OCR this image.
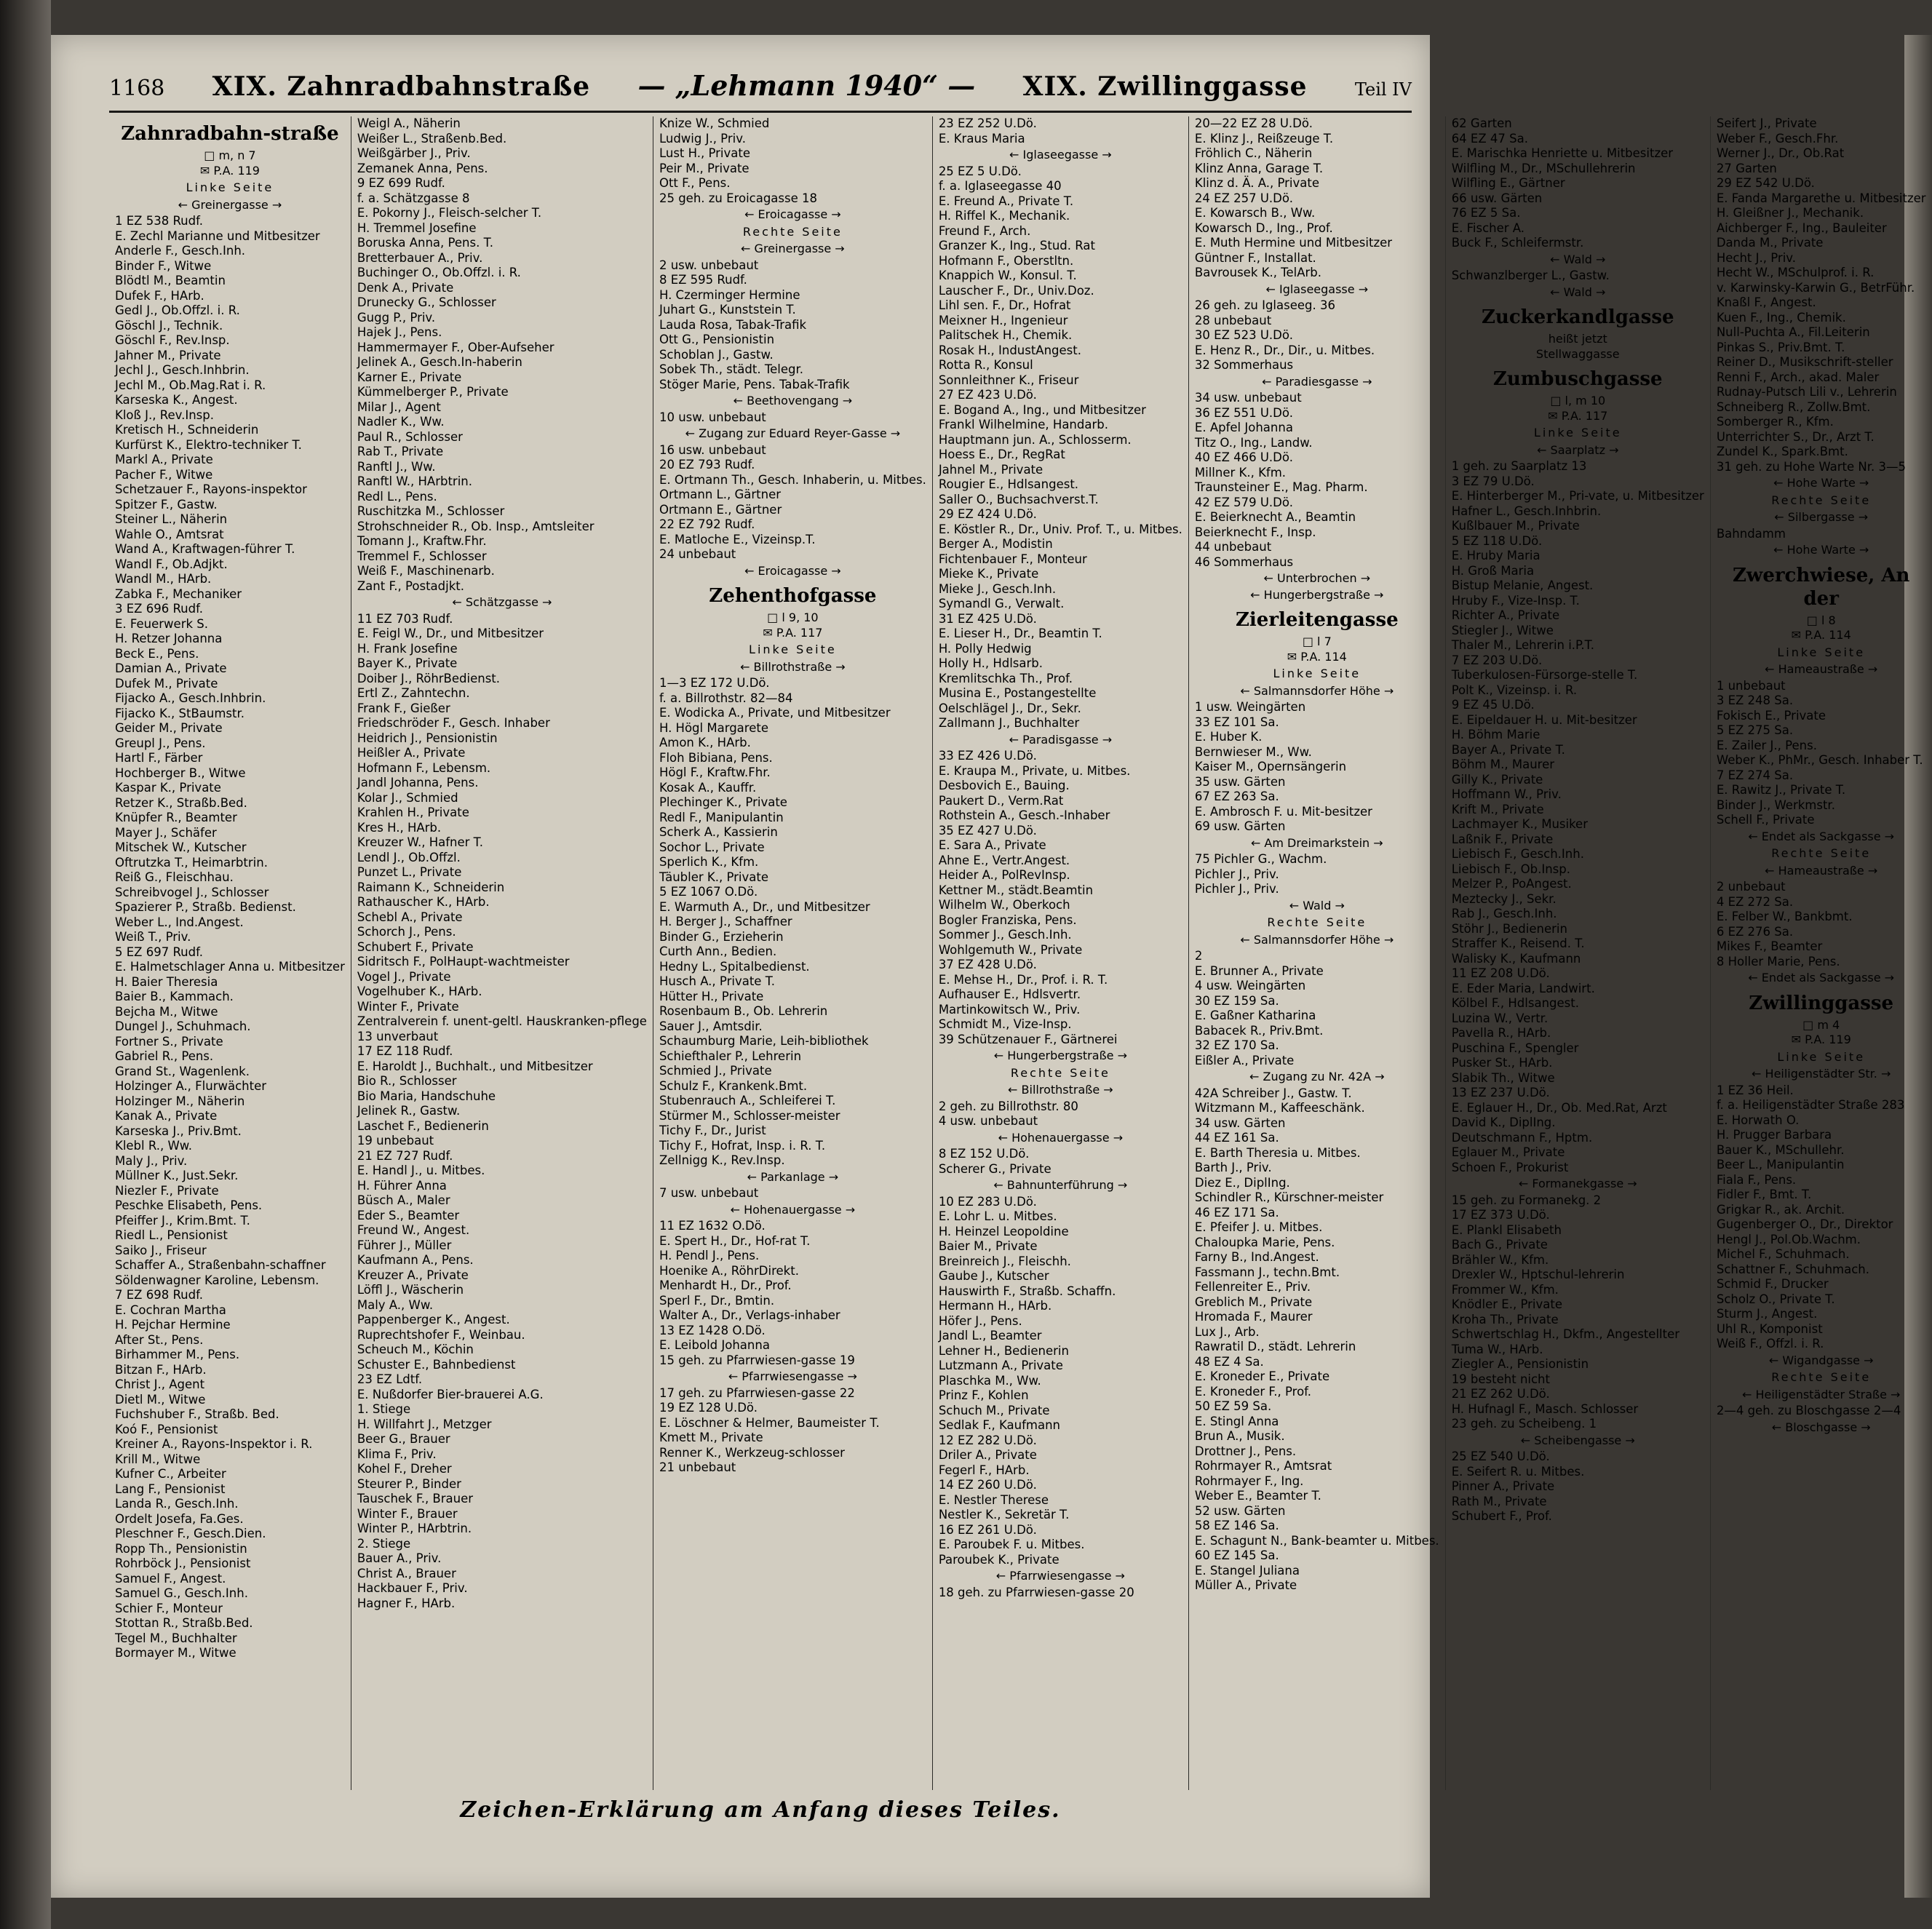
1168 XIX. Zahnradbahnstraße — „Lehmann 1940“ — XIX. Zwillinggasse	Teil IV
Zahnradbahn-straße
□ m, n 7
✉ P.A. 119
Linke Seite
← Greinergasse →
1 EZ 538 Rudf.
E. Zechl Marianne und Mitbesitzer
Anderle F., Gesch.Inh.
Binder F., Witwe
Blödtl M., Beamtin
Dufek F., HArb.
Gedl J., Ob.Offzl. i. R.
Göschl J., Technik.
Göschl F., Rev.Insp.
Jahner M., Private
Jechl J., Gesch.Inhbrin.
Jechl M., Ob.Mag.Rat i. R.
Karseska K., Angest.
Kloß J., Rev.Insp.
Kretisch H., Schneiderin
Kurfürst K., Elektro-techniker T.
Markl A., Private
Pacher F., Witwe
Schetzauer F., Rayons-inspektor
Spitzer F., Gastw.
Steiner L., Näherin
Wahle O., Amtsrat
Wand A., Kraftwagen-führer T.
Wandl F., Ob.Adjkt.
Wandl M., HArb.
Zabka F., Mechaniker
3 EZ 696 Rudf.
E. Feuerwerk S.
H. Retzer Johanna
Beck E., Pens.
Damian A., Private
Dufek M., Private
Fijacko A., Gesch.Inhbrin.
Fijacko K., StBaumstr.
Geider M., Private
Greupl J., Pens.
Hartl F., Färber
Hochberger B., Witwe
Kaspar K., Private
Retzer K., Straßb.Bed.
Knüpfer R., Beamter
Mayer J., Schäfer
Mitschek W., Kutscher
Oftrutzka T., Heimarbtrin.
Reiß G., Fleischhau.
Schreibvogel J., Schlosser
Spazierer P., Straßb. Bedienst.
Weber L., Ind.Angest.
Weiß T., Priv.
5 EZ 697 Rudf.
E. Halmetschlager Anna u. Mitbesitzer
H. Baier Theresia
Baier B., Kammach.
Bejcha M., Witwe
Dungel J., Schuhmach.
Fortner S., Private
Gabriel R., Pens.
Grand St., Wagenlenk.
Holzinger A., Flurwächter
Holzinger M., Näherin
Kanak A., Private
Karseska J., Priv.Bmt.
Klebl R., Ww.
Maly J., Priv.
Müllner K., Just.Sekr.
Niezler F., Private
Peschke Elisabeth, Pens.
Pfeiffer J., Krim.Bmt. T.
Riedl L., Pensionist
Saiko J., Friseur
Schaffer A., Straßenbahn-schaffner
Söldenwagner Karoline, Lebensm.
7 EZ 698 Rudf.
E. Cochran Martha
H. Pejchar Hermine
After St., Pens.
Birhammer M., Pens.
Bitzan F., HArb.
Christ J., Agent
Dietl M., Witwe
Fuchshuber F., Straßb. Bed.
Koó F., Pensionist
Kreiner A., Rayons-Inspektor i. R.
Krill M., Witwe
Kufner C., Arbeiter
Lang F., Pensionist
Landa R., Gesch.Inh.
Ordelt Josefa, Fa.Ges.
Pleschner F., Gesch.Dien.
Ropp Th., Pensionistin
Rohrböck J., Pensionist
Samuel F., Angest.
Samuel G., Gesch.Inh.
Schier F., Monteur
Stottan R., Straßb.Bed.
Tegel M., Buchhalter
Bormayer M., Witwe
Weigl A., Näherin
Weißer L., Straßenb.Bed.
Weißgärber J., Priv.
Zemanek Anna, Pens.
9 EZ 699 Rudf.
f. a. Schätzgasse 8
E. Pokorny J., Fleisch-selcher T.
H. Tremmel Josefine
Boruska Anna, Pens. T.
Bretterbauer A., Priv.
Buchinger O., Ob.Offzl. i. R.
Denk A., Private
Drunecky G., Schlosser
Gugg P., Priv.
Hajek J., Pens.
Hammermayer F., Ober-Aufseher
Jelinek A., Gesch.In-haberin
Karner E., Private
Kümmelberger P., Private
Milar J., Agent
Nadler K., Ww.
Paul R., Schlosser
Rab T., Private
Ranftl J., Ww.
Ranftl W., HArbtrin.
Redl L., Pens.
Ruschitzka M., Schlosser
Strohschneider R., Ob. Insp., Amtsleiter
Tomann J., Kraftw.Fhr.
Tremmel F., Schlosser
Weiß F., Maschinenarb.
Zant F., Postadjkt.
← Schätzgasse →
11 EZ 703 Rudf.
E. Feigl W., Dr., und Mitbesitzer
H. Frank Josefine
Bayer K., Private
Doiber J., RöhrBedienst.
Ertl Z., Zahntechn.
Frank F., Gießer
Friedschröder F., Gesch. Inhaber
Heidrich J., Pensionistin
Heißler A., Private
Hofmann F., Lebensm.
Jandl Johanna, Pens.
Kolar J., Schmied
Krahlen H., Private
Kres H., HArb.
Kreuzer W., Hafner T.
Lendl J., Ob.Offzl.
Punzet L., Private
Raimann K., Schneiderin
Rathauscher K., HArb.
Schebl A., Private
Schorch J., Pens.
Schubert F., Private
Sidritsch F., PolHaupt-wachtmeister
Vogel J., Private
Vogelhuber K., HArb.
Winter F., Private
Zentralverein f. unent-geltl. Hauskranken-pflege
13 unverbaut
17 EZ 118 Rudf.
E. Haroldt J., Buchhalt., und Mitbesitzer
Bio R., Schlosser
Bio Maria, Handschuhe
Jelinek R., Gastw.
Laschet F., Bedienerin
19 unbebaut
21 EZ 727 Rudf.
E. Handl J., u. Mitbes.
H. Führer Anna
Büsch A., Maler
Eder S., Beamter
Freund W., Angest.
Führer J., Müller
Kaufmann A., Pens.
Kreuzer A., Private
Löffl J., Wäscherin
Maly A., Ww.
Pappenberger K., Angest.
Ruprechtshofer F., Weinbau.
Scheuch M., Köchin
Schuster E., Bahnbedienst
23 EZ Ldtf.
E. Nußdorfer Bier-brauerei A.G.
1. Stiege
H. Willfahrt J., Metzger
Beer G., Brauer
Klima F., Priv.
Kohel F., Dreher
Steurer P., Binder
Tauschek F., Brauer
Winter F., Brauer
Winter P., HArbtrin.
2. Stiege
Bauer A., Priv.
Christ A., Brauer
Hackbauer F., Priv.
Hagner F., HArb.
Knize W., Schmied
Ludwig J., Priv.
Lust H., Private
Peir M., Private
Ott F., Pens.
25 geh. zu Eroicagasse 18
← Eroicagasse →
Rechte Seite
← Greinergasse →
2 usw. unbebaut
8 EZ 595 Rudf.
H. Czerminger Hermine
Juhart G., Kunststein T.
Lauda Rosa, Tabak-Trafik
Ott G., Pensionistin
Schoblan J., Gastw.
Sobek Th., städt. Telegr.
Stöger Marie, Pens. Tabak-Trafik
← Beethovengang →
10 usw. unbebaut
← Zugang zur Eduard Reyer-Gasse →
16 usw. unbebaut
20 EZ 793 Rudf.
E. Ortmann Th., Gesch. Inhaberin, u. Mitbes.
Ortmann L., Gärtner
Ortmann E., Gärtner
22 EZ 792 Rudf.
E. Matloche E., Vizeinsp.T.
24 unbebaut
← Eroicagasse →
Zehenthofgasse
□ l 9, 10
✉ P.A. 117
Linke Seite
← Billrothstraße →
1—3 EZ 172 U.Dö.
f. a. Billrothstr. 82—84
E. Wodicka A., Private, und Mitbesitzer
H. Högl Margarete
Amon K., HArb.
Floh Bibiana, Pens.
Högl F., Kraftw.Fhr.
Kosak A., Kauffr.
Plechinger K., Private
Redl F., Manipulantin
Scherk A., Kassierin
Sochor L., Private
Sperlich K., Kfm.
Täubler K., Private
5 EZ 1067 O.Dö.
E. Warmuth A., Dr., und Mitbesitzer
H. Berger J., Schaffner
Binder G., Erzieherin
Curth Ann., Bedien.
Hedny L., Spitalbedienst.
Husch A., Private T.
Hütter H., Private
Rosenbaum B., Ob. Lehrerin
Sauer J., Amtsdir.
Schaumburg Marie, Leih-bibliothek
Schiefthaler P., Lehrerin
Schmied J., Private
Schulz F., Krankenk.Bmt.
Stubenrauch A., Schleiferei T.
Stürmer M., Schlosser-meister
Tichy F., Dr., Jurist
Tichy F., Hofrat, Insp. i. R. T.
Zellnigg K., Rev.Insp.
← Parkanlage →
7 usw. unbebaut
← Hohenauergasse →
11 EZ 1632 O.Dö.
E. Spert H., Dr., Hof-rat T.
H. Pendl J., Pens.
Hoenike A., RöhrDirekt.
Menhardt H., Dr., Prof.
Sperl F., Dr., Bmtin.
Walter A., Dr., Verlags-inhaber
13 EZ 1428 O.Dö.
E. Leibold Johanna
15 geh. zu Pfarrwiesen-gasse 19
← Pfarrwiesengasse →
17 geh. zu Pfarrwiesen-gasse 22
19 EZ 128 U.Dö.
E. Löschner & Helmer, Baumeister T.
Kmett M., Private
Renner K., Werkzeug-schlosser
21 unbebaut
23 EZ 252 U.Dö.
E. Kraus Maria
← Iglaseegasse →
25 EZ 5 U.Dö.
f. a. Iglaseegasse 40
E. Freund A., Private T.
H. Riffel K., Mechanik.
Freund F., Arch.
Granzer K., Ing., Stud. Rat
Hofmann F., Oberstltn.
Knappich W., Konsul. T.
Lauscher F., Dr., Univ.Doz.
Lihl sen. F., Dr., Hofrat
Meixner H., Ingenieur
Palitschek H., Chemik.
Rosak H., IndustAngest.
Rotta R., Konsul
Sonnleithner K., Friseur
27 EZ 423 U.Dö.
E. Bogand A., Ing., und Mitbesitzer
Frankl Wilhelmine, Handarb.
Hauptmann jun. A., Schlosserm.
Hoess E., Dr., RegRat
Jahnel M., Private
Rougier E., Hdlsangest.
Saller O., Buchsachverst.T.
29 EZ 424 U.Dö.
E. Köstler R., Dr., Univ. Prof. T., u. Mitbes.
Berger A., Modistin
Fichtenbauer F., Monteur
Mieke K., Private
Mieke J., Gesch.Inh.
Symandl G., Verwalt.
31 EZ 425 U.Dö.
E. Lieser H., Dr., Beamtin T.
H. Polly Hedwig
Holly H., Hdlsarb.
Kremlitschka Th., Prof.
Musina E., Postangestellte
Oelschlägel J., Dr., Sekr.
Zallmann J., Buchhalter
← Paradisgasse →
33 EZ 426 U.Dö.
E. Kraupa M., Private, u. Mitbes.
Desbovich E., Bauing.
Paukert D., Verm.Rat
Rothstein A., Gesch.-Inhaber
35 EZ 427 U.Dö.
E. Sara A., Private
Ahne E., Vertr.Angest.
Heider A., PolRevInsp.
Kettner M., städt.Beamtin
Wilhelm W., Oberkoch
Bogler Franziska, Pens.
Sommer J., Gesch.Inh.
Wohlgemuth W., Private
37 EZ 428 U.Dö.
E. Mehse H., Dr., Prof. i. R. T.
Aufhauser E., Hdlsvertr.
Martinkowitsch W., Priv.
Schmidt M., Vize-Insp.
39 Schützenauer F., Gärtnerei
← Hungerbergstraße →
Rechte Seite
← Billrothstraße →
2 geh. zu Billrothstr. 80
4 usw. unbebaut
← Hohenauergasse →
8 EZ 152 U.Dö.
Scherer G., Private
← Bahnunterführung →
10 EZ 283 U.Dö.
E. Lohr L. u. Mitbes.
H. Heinzel Leopoldine
Baier M., Private
Breinreich J., Fleischh.
Gaube J., Kutscher
Hauswirth F., Straßb. Schaffn.
Hermann H., HArb.
Höfer J., Pens.
Jandl L., Beamter
Lehner H., Bedienerin
Lutzmann A., Private
Plaschka M., Ww.
Prinz F., Kohlen
Schuch M., Private
Sedlak F., Kaufmann
12 EZ 282 U.Dö.
Driler A., Private
Fegerl F., HArb.
14 EZ 260 U.Dö.
E. Nestler Therese
Nestler K., Sekretär T.
16 EZ 261 U.Dö.
E. Paroubek F. u. Mitbes.
Paroubek K., Private
← Pfarrwiesengasse →
18 geh. zu Pfarrwiesen-gasse 20
20—22 EZ 28 U.Dö.
E. Klinz J., Reißzeuge T.
Fröhlich C., Näherin
Klinz Anna, Garage T.
Klinz d. Ä. A., Private
24 EZ 257 U.Dö.
E. Kowarsch B., Ww.
Kowarsch D., Ing., Prof.
E. Muth Hermine und Mitbesitzer
Güntner F., Installat.
Bavrousek K., TelArb.
← Iglaseegasse →
26 geh. zu Iglaseeg. 36
28 unbebaut
30 EZ 523 U.Dö.
E. Henz R., Dr., Dir., u. Mitbes.
32 Sommerhaus
← Paradiesgasse →
34 usw. unbebaut
36 EZ 551 U.Dö.
E. Apfel Johanna
Titz O., Ing., Landw.
40 EZ 466 U.Dö.
Millner K., Kfm.
Traunsteiner E., Mag. Pharm.
42 EZ 579 U.Dö.
E. Beierknecht A., Beamtin
Beierknecht F., Insp.
44 unbebaut
46 Sommerhaus
← Unterbrochen →
← Hungerbergstraße →
Zierleitengasse
□ l 7
✉ P.A. 114
Linke Seite
← Salmannsdorfer Höhe →
1 usw. Weingärten
33 EZ 101 Sa.
E. Huber K.
Bernwieser M., Ww.
Kaiser M., Opernsängerin
35 usw. Gärten
67 EZ 263 Sa.
E. Ambrosch F. u. Mit-besitzer
69 usw. Gärten
← Am Dreimarkstein →
75 Pichler G., Wachm.
Pichler J., Priv.
Pichler J., Priv.
← Wald →
Rechte Seite
← Salmannsdorfer Höhe →
2
E. Brunner A., Private
4 usw. Weingärten
30 EZ 159 Sa.
E. Gaßner Katharina
Babacek R., Priv.Bmt.
32 EZ 170 Sa.
Eißler A., Private
← Zugang zu Nr. 42A →
42A Schreiber J., Gastw. T.
Witzmann M., Kaffeeschänk.
34 usw. Gärten
44 EZ 161 Sa.
E. Barth Theresia u. Mitbes.
Barth J., Priv.
Diez E., DiplIng.
Schindler R., Kürschner-meister
46 EZ 171 Sa.
E. Pfeifer J. u. Mitbes.
Chaloupka Marie, Pens.
Farny B., Ind.Angest.
Fassmann J., techn.Bmt.
Fellenreiter E., Priv.
Greblich M., Private
Hromada F., Maurer
Lux J., Arb.
Rawratil D., städt. Lehrerin
48 EZ 4 Sa.
E. Kroneder E., Private
E. Kroneder F., Prof.
50 EZ 59 Sa.
E. Stingl Anna
Brun A., Musik.
Drottner J., Pens.
Rohrmayer R., Amtsrat
Rohrmayer F., Ing.
Weber E., Beamter T.
52 usw. Gärten
58 EZ 146 Sa.
E. Schagunt N., Bank-beamter u. Mitbes.
60 EZ 145 Sa.
E. Stangel Juliana
Müller A., Private
62 Garten
64 EZ 47 Sa.
E. Marischka Henriette u. Mitbesitzer
Wilfling M., Dr., MSchullehrerin
Wilfling E., Gärtner
66 usw. Gärten
76 EZ 5 Sa.
E. Fischer A.
Buck F., Schleifermstr.
← Wald →
Schwanzlberger L., Gastw.
← Wald →
Zuckerkandlgasse
heißt jetzt
Stellwaggasse
Zumbuschgasse
□ l, m 10
✉ P.A. 117
Linke Seite
← Saarplatz →
1 geh. zu Saarplatz 13
3 EZ 79 U.Dö.
E. Hinterberger M., Pri-vate, u. Mitbesitzer
Hafner L., Gesch.Inhbrin.
Kußlbauer M., Private
5 EZ 118 U.Dö.
E. Hruby Maria
H. Groß Maria
Bistup Melanie, Angest.
Hruby F., Vize-Insp. T.
Richter A., Private
Stiegler J., Witwe
Thaler M., Lehrerin i.P.T.
7 EZ 203 U.Dö.
Tuberkulosen-Fürsorge-stelle T.
Polt K., Vizeinsp. i. R.
9 EZ 45 U.Dö.
E. Eipeldauer H. u. Mit-besitzer
H. Böhm Marie
Bayer A., Private T.
Böhm M., Maurer
Gilly K., Private
Hoffmann W., Priv.
Krift M., Private
Lachmayer K., Musiker
Laßnik F., Private
Liebisch F., Gesch.Inh.
Liebisch F., Ob.Insp.
Melzer P., PoAngest.
Meztecky J., Sekr.
Rab J., Gesch.Inh.
Stöhr J., Bedienerin
Straffer K., Reisend. T.
Walisky K., Kaufmann
11 EZ 208 U.Dö.
E. Eder Maria, Landwirt.
Kölbel F., Hdlsangest.
Luzina W., Vertr.
Pavella R., HArb.
Puschina F., Spengler
Pusker St., HArb.
Slabik Th., Witwe
13 EZ 237 U.Dö.
E. Eglauer H., Dr., Ob. Med.Rat, Arzt
David K., DiplIng.
Deutschmann F., Hptm.
Eglauer M., Private
Schoen F., Prokurist
← Formanekgasse →
15 geh. zu Formanekg. 2
17 EZ 373 U.Dö.
E. Plankl Elisabeth
Bach G., Private
Brähler W., Kfm.
Drexler W., Hptschul-lehrerin
Frommer W., Kfm.
Knödler E., Private
Kroha Th., Private
Schwertschlag H., Dkfm., Angestellter
Tuma W., HArb.
Ziegler A., Pensionistin
19 besteht nicht
21 EZ 262 U.Dö.
H. Hufnagl F., Masch. Schlosser
23 geh. zu Scheibeng. 1
← Scheibengasse →
25 EZ 540 U.Dö.
E. Seifert R. u. Mitbes.
Pinner A., Private
Rath M., Private
Schubert F., Prof.
Seifert J., Private
Weber F., Gesch.Fhr.
Werner J., Dr., Ob.Rat
27 Garten
29 EZ 542 U.Dö.
E. Fanda Margarethe u. Mitbesitzer
H. Gleißner J., Mechanik.
Aichberger F., Ing., Bauleiter
Danda M., Private
Hecht J., Priv.
Hecht W., MSchulprof. i. R.
v. Karwinsky-Karwin G., BetrFühr.
Knaßl F., Angest.
Kuen F., Ing., Chemik.
Null-Puchta A., Fil.Leiterin
Pinkas S., Priv.Bmt. T.
Reiner D., Musikschrift-steller
Renni F., Arch., akad. Maler
Rudnay-Putsch Lili v., Lehrerin
Schneiberg R., Zollw.Bmt.
Somberger R., Kfm.
Unterrichter S., Dr., Arzt T.
Zundel K., Spark.Bmt.
31 geh. zu Hohe Warte Nr. 3—5
← Hohe Warte →
Rechte Seite
← Silbergasse →
Bahndamm
← Hohe Warte →
Zwerchwiese, An der
□ l 8
✉ P.A. 114
Linke Seite
← Hameaustraße →
1 unbebaut
3 EZ 248 Sa.
Fokisch E., Private
5 EZ 275 Sa.
E. Zailer J., Pens.
Weber K., PhMr., Gesch. Inhaber T.
7 EZ 274 Sa.
E. Rawitz J., Private T.
Binder J., Werkmstr.
Schell F., Private
← Endet als Sackgasse →
Rechte Seite
← Hameaustraße →
2 unbebaut
4 EZ 272 Sa.
E. Felber W., Bankbmt.
6 EZ 276 Sa.
Mikes F., Beamter
8 Holler Marie, Pens.
← Endet als Sackgasse →
Zwillinggasse
□ m 4
✉ P.A. 119
Linke Seite
← Heiligenstädter Str. →
1 EZ 36 Heil.
f. a. Heiligenstädter Straße 283
E. Horwath O.
H. Prugger Barbara
Bauer K., MSchullehr.
Beer L., Manipulantin
Fiala F., Pens.
Fidler F., Bmt. T.
Grigkar R., ak. Archit.
Gugenberger O., Dr., Direktor
Hengl J., Pol.Ob.Wachm.
Michel F., Schuhmach.
Schattner F., Schuhmach.
Schmid F., Drucker
Scholz O., Private T.
Sturm J., Angest.
Uhl R., Komponist
Weiß F., Offzl. i. R.
← Wigandgasse →
Rechte Seite
← Heiligenstädter Straße →
2—4 geh. zu Bloschgasse 2—4
← Bloschgasse →
Zeichen-Erklärung am Anfang dieses Teiles.
